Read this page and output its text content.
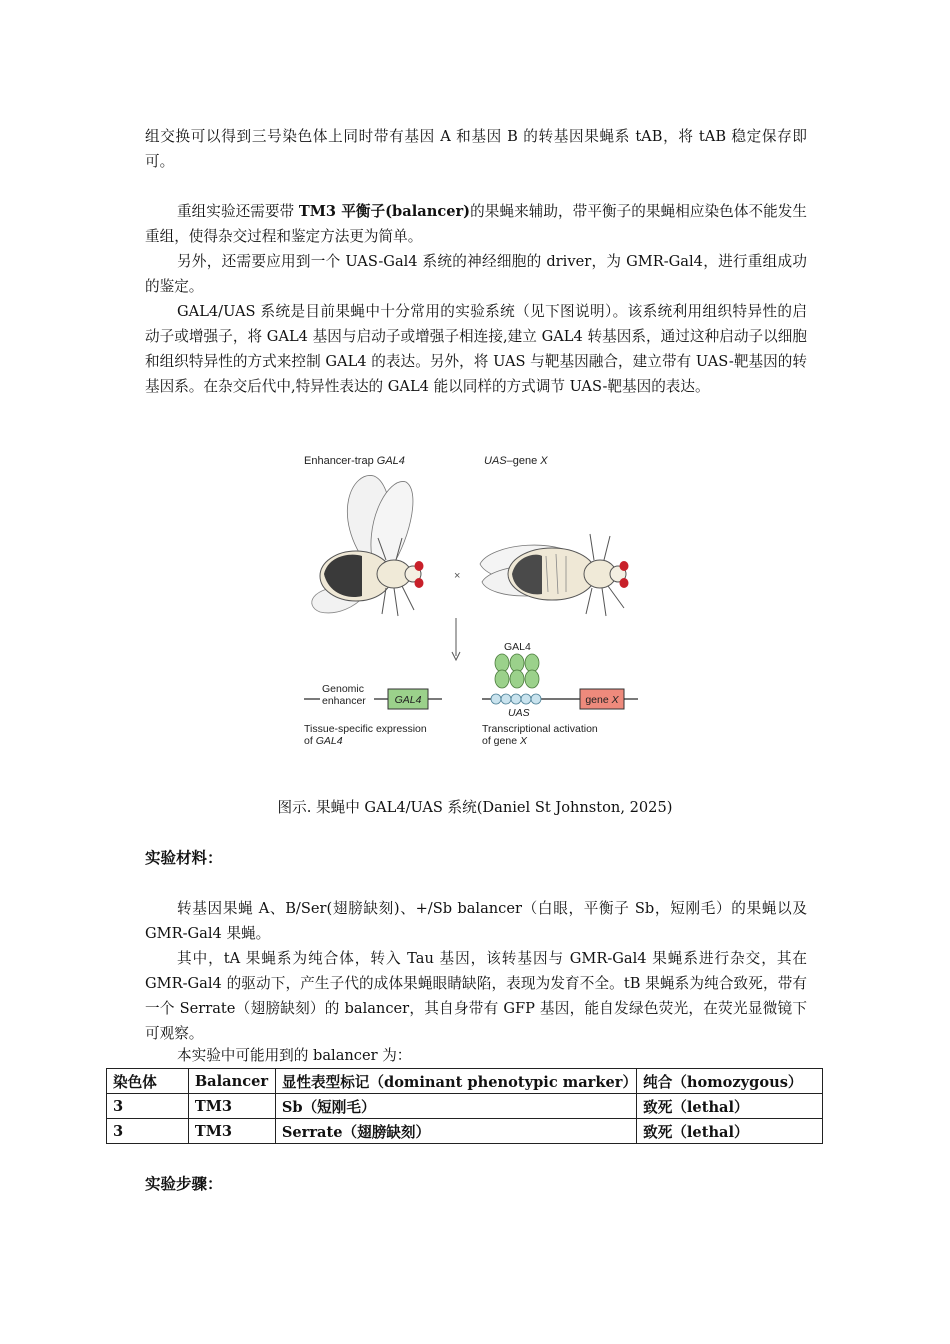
组交换可以得到三号染色体上同时带有基因 A 和基因 B 的转基因果蝇系 tAB，将 tAB 稳定保存即可。

重组实验还需要带 TM3 平衡子(balancer)的果蝇来辅助，带平衡子的果蝇相应染色体不能发生重组，使得杂交过程和鉴定方法更为简单。

另外，还需要应用到一个 UAS-Gal4 系统的神经细胞的 driver，为 GMR-Gal4，进行重组成功的鉴定。

GAL4/UAS 系统是目前果蝇中十分常用的实验系统（见下图说明）。该系统利用组织特异性的启动子或增强子，将 GAL4 基因与启动子或增强子相连接,建立 GAL4 转基因系，通过这种启动子以细胞和组织特异性的方式来控制 GAL4 的表达。另外，将 UAS 与靶基因融合，建立带有 UAS-靶基因的转基因系。在杂交后代中,特异性表达的 GAL4 能以同样的方式调节 UAS-靶基因的表达。

Enhancer-trap GAL4	UAS–gene X
×
Genomic
enhancer	GAL4
Tissue-specific expression
of GAL4
GAL4
UAS
gene X
Transcriptional activation
of gene X
图示. 果蝇中 GAL4/UAS 系统(Daniel St Johnston, 2025)
实验材料：

转基因果蝇 A、B/Ser(翅膀缺刻)、+/Sb balancer（白眼，平衡子 Sb，短刚毛）的果蝇以及 GMR-Gal4 果蝇。

其中，tA 果蝇系为纯合体，转入 Tau 基因，该转基因与 GMR-Gal4 果蝇系进行杂交，其在 GMR-Gal4 的驱动下，产生子代的成体果蝇眼睛缺陷，表现为发育不全。tB 果蝇系为纯合致死，带有一个 Serrate（翅膀缺刻）的 balancer，其自身带有 GFP 基因，能自发绿色荧光，在荧光显微镜下可观察。

本实验中可能用到的 balancer 为：

染色体	Balancer	显性表型标记（dominant phenotypic marker）	纯合（homozygous）
3	TM3	Sb（短刚毛）	致死（lethal）
3	TM3	Serrate（翅膀缺刻）	致死（lethal）
实验步骤：
